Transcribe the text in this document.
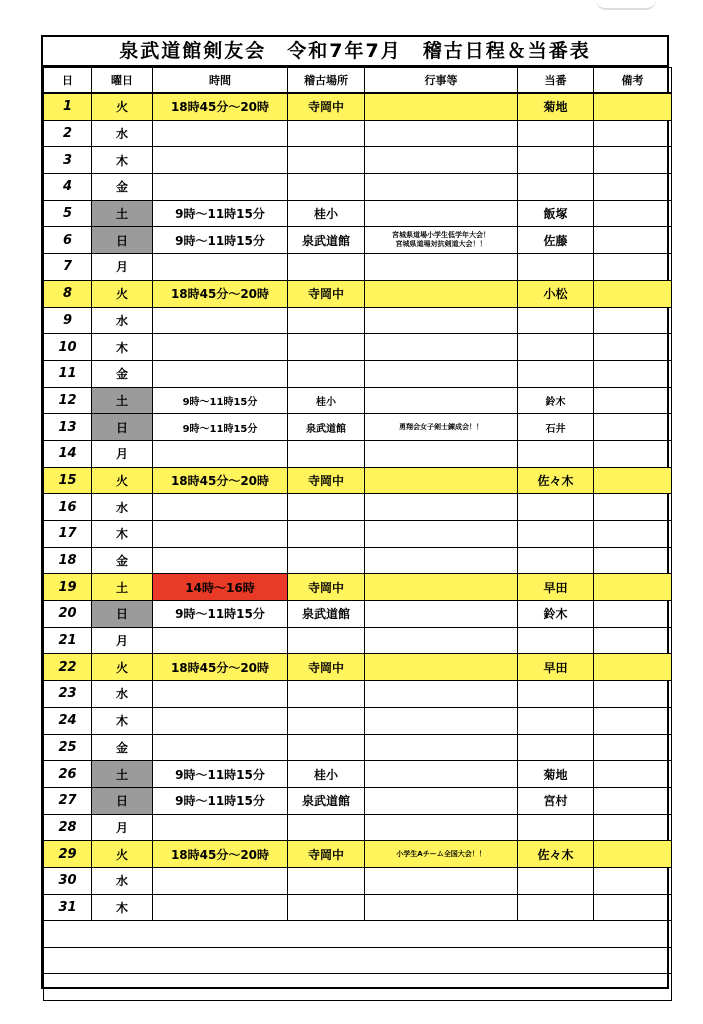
泉武道館剣友会　令和7年7月　稽古日程＆当番表
日	曜日	時間	稽古場所	行事等	当番	備考
1	火	18時45分～20時	寺岡中		菊地	
2	水					
3	木					
4	金					
5	土	9時～11時15分	桂小		飯塚	
6	日	9時～11時15分	泉武道館	宮城県道場小学生低学年大会！
宮城県道場対抗剣道大会！！	佐藤	
7	月					
8	火	18時45分～20時	寺岡中		小松	
9	水					
10	木					
11	金					
12	土	9時～11時15分	桂小		鈴木	
13	日	9時～11時15分	泉武道館	勇翔会女子剣士錬成会！！	石井	
14	月					
15	火	18時45分～20時	寺岡中		佐々木	
16	水					
17	木					
18	金					
19	土	14時～16時	寺岡中		早田	
20	日	9時～11時15分	泉武道館		鈴木	
21	月					
22	火	18時45分～20時	寺岡中		早田	
23	水					
24	木					
25	金					
26	土	9時～11時15分	桂小		菊地	
27	日	9時～11時15分	泉武道館		宮村	
28	月					
29	火	18時45分～20時	寺岡中	小学生Aチーム全国大会！！	佐々木	
30	水					
31	木					
